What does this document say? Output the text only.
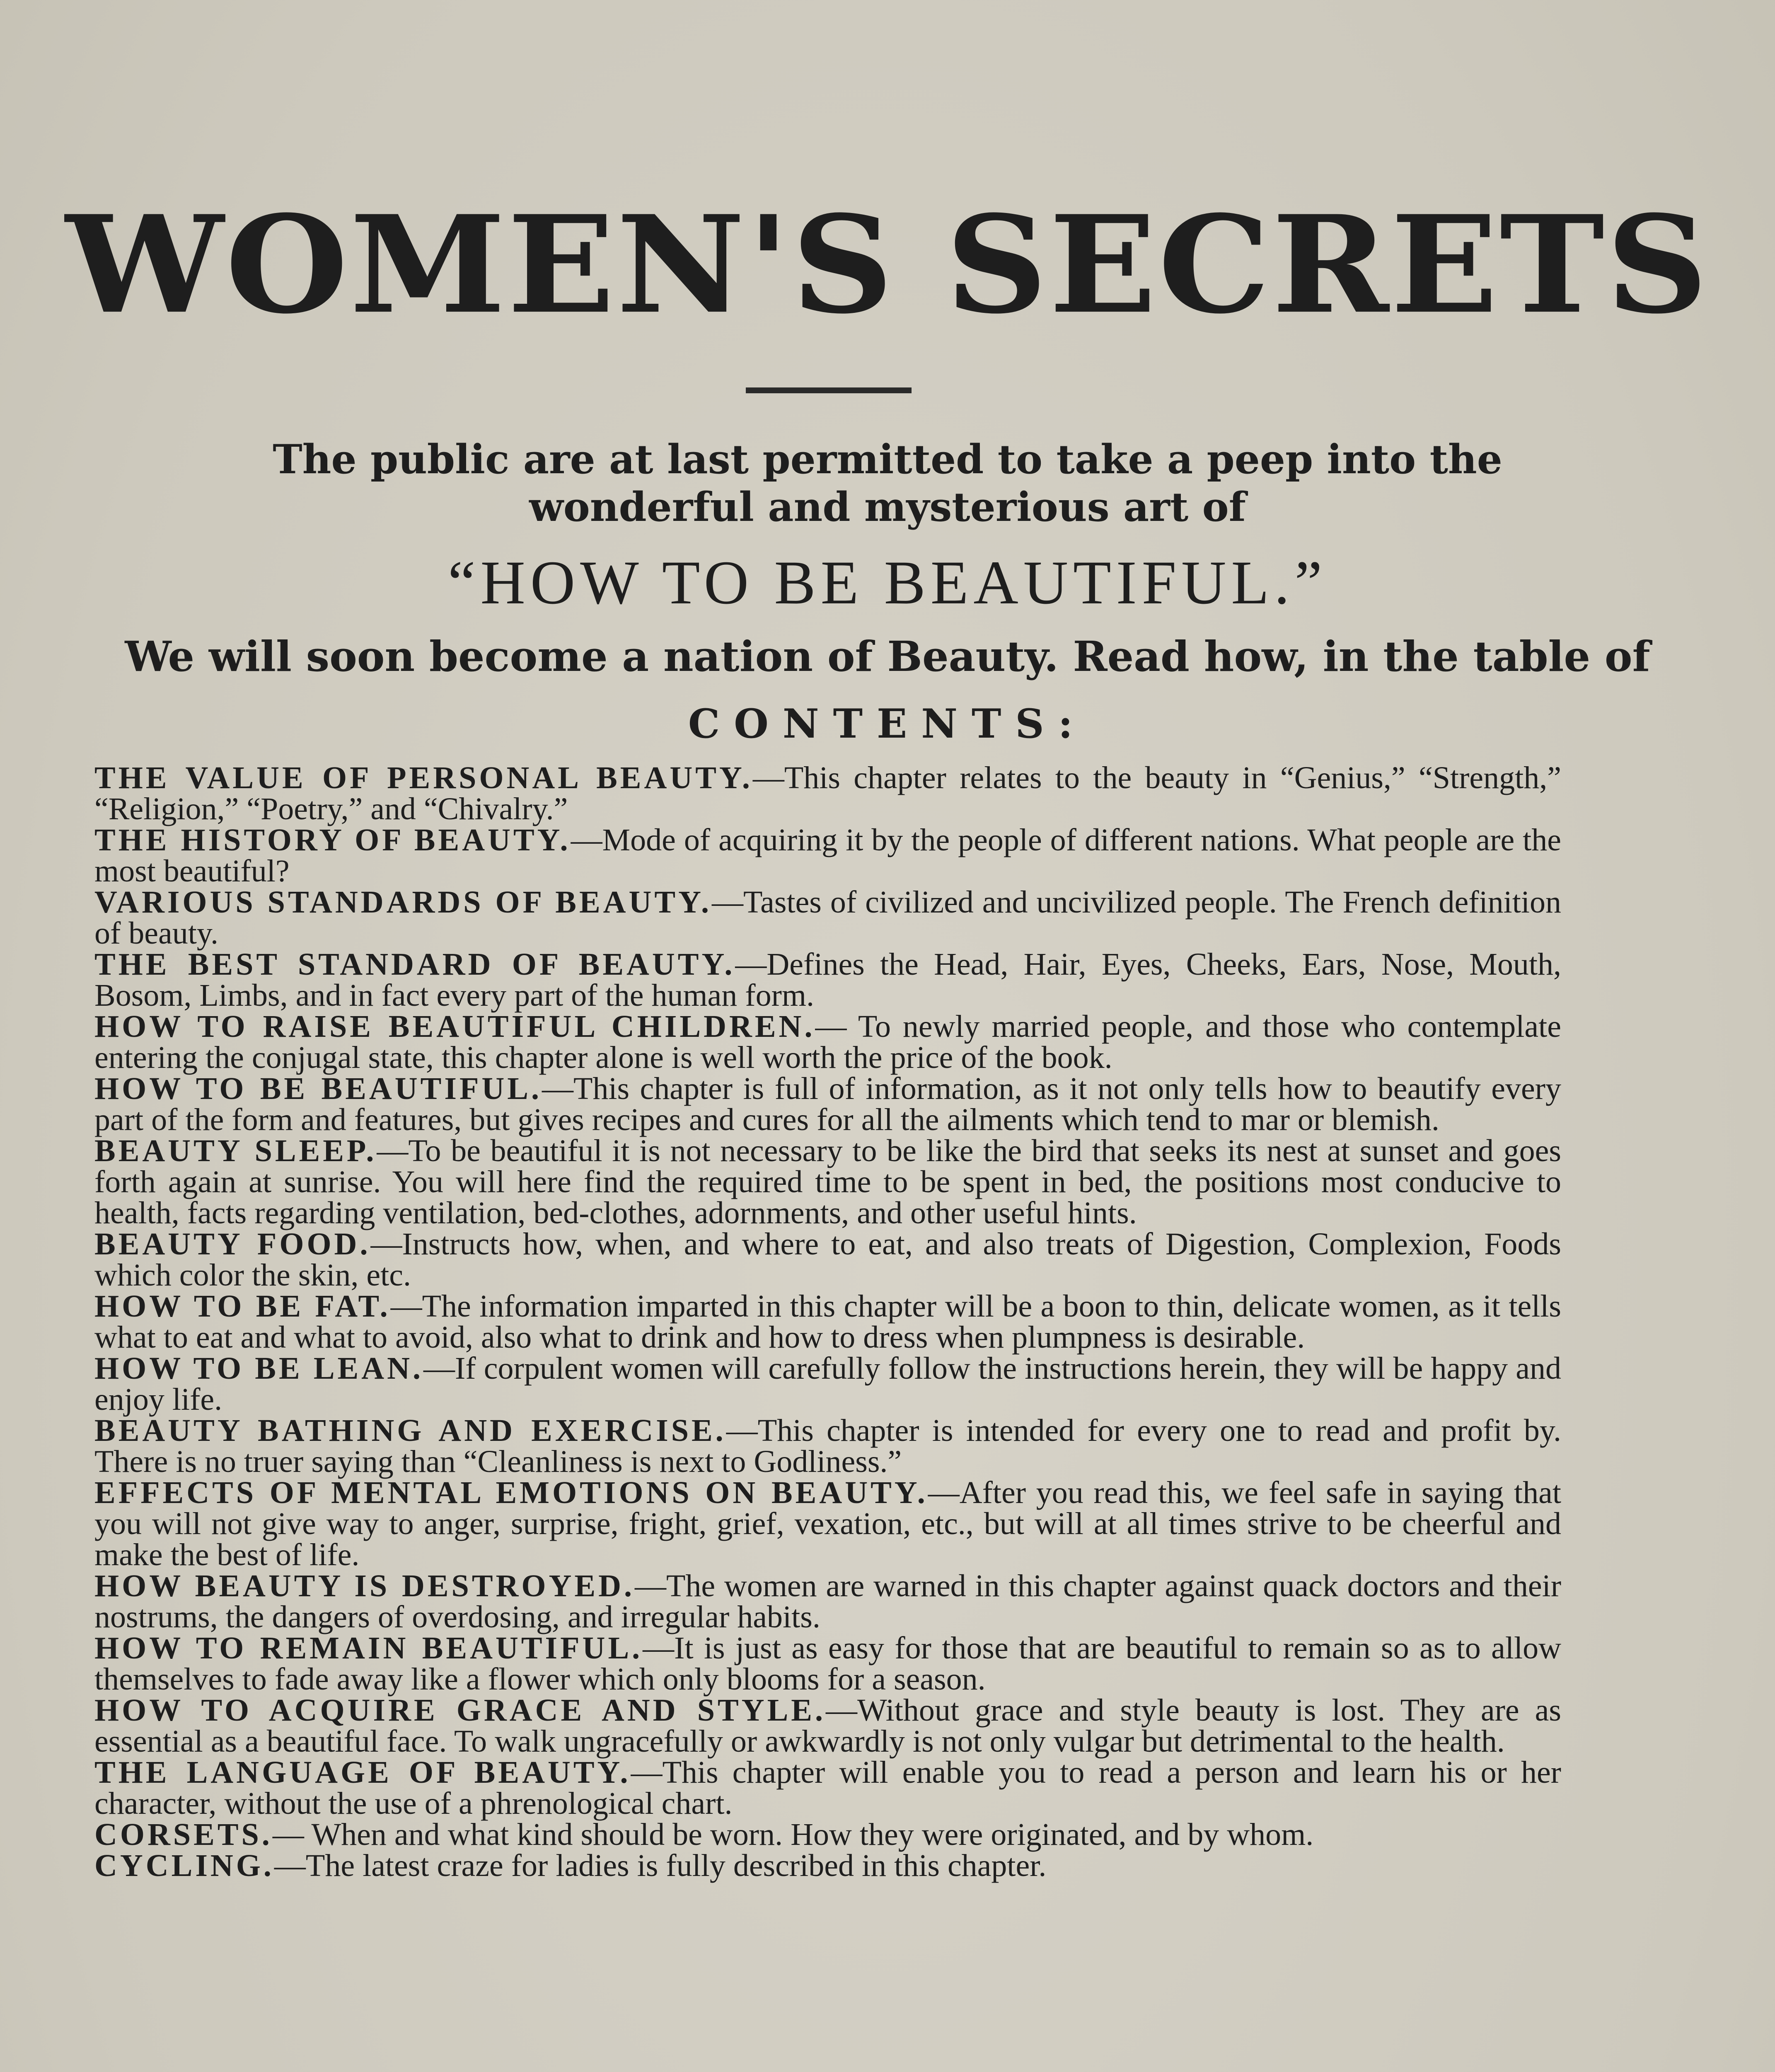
WOMEN'S SECRETS
The public are at last permitted to take a peep into the
wonderful and mysterious art of
“HOW TO BE BEAUTIFUL.”
We will soon become a nation of Beauty. Read how, in the table of
CONTENTS:

THE VALUE OF PERSONAL BEAUTY.—This chapter relates to the beauty in “Genius,” “Strength,” “Religion,” “Poetry,” and “Chivalry.”

THE HISTORY OF BEAUTY.—Mode of acquiring it by the people of different nations. What people are the most beautiful?

VARIOUS STANDARDS OF BEAUTY.—Tastes of civilized and uncivilized people. The French definition of beauty.

THE BEST STANDARD OF BEAUTY.—Defines the Head, Hair, Eyes, Cheeks, Ears, Nose, Mouth, Bosom, Limbs, and in fact every part of the human form.

HOW TO RAISE BEAUTIFUL CHILDREN.— To newly married people, and those who contemplate entering the conjugal state, this chapter alone is well worth the price of the book.

HOW TO BE BEAUTIFUL.—This chapter is full of information, as it not only tells how to beautify every part of the form and features, but gives recipes and cures for all the ailments which tend to mar or blemish.

BEAUTY SLEEP.—To be beautiful it is not necessary to be like the bird that seeks its nest at sunset and goes forth again at sunrise. You will here find the required time to be spent in bed, the positions most conducive to health, facts regarding ventilation, bed-clothes, adornments, and other useful hints.

BEAUTY FOOD.—Instructs how, when, and where to eat, and also treats of Digestion, Complexion, Foods which color the skin, etc.

HOW TO BE FAT.—The information imparted in this chapter will be a boon to thin, delicate women, as it tells what to eat and what to avoid, also what to drink and how to dress when plumpness is desirable.

HOW TO BE LEAN.—If corpulent women will carefully follow the instructions herein, they will be happy and enjoy life.

BEAUTY BATHING AND EXERCISE.—This chapter is intended for every one to read and profit by. There is no truer saying than “Cleanliness is next to Godliness.”

EFFECTS OF MENTAL EMOTIONS ON BEAUTY.—After you read this, we feel safe in saying that you will not give way to anger, surprise, fright, grief, vexation, etc., but will at all times strive to be cheerful and make the best of life.

HOW BEAUTY IS DESTROYED.—The women are warned in this chapter against quack doctors and their nostrums, the dangers of overdosing, and irregular habits.

HOW TO REMAIN BEAUTIFUL.—It is just as easy for those that are beautiful to remain so as to allow themselves to fade away like a flower which only blooms for a season.

HOW TO ACQUIRE GRACE AND STYLE.—Without grace and style beauty is lost. They are as essential as a beautiful face. To walk ungracefully or awkwardly is not only vulgar but detrimental to the health.

THE LANGUAGE OF BEAUTY.—This chapter will enable you to read a person and learn his or her character, without the use of a phrenological chart.

CORSETS.— When and what kind should be worn. How they were originated, and by whom.

CYCLING.—The latest craze for ladies is fully described in this chapter.
